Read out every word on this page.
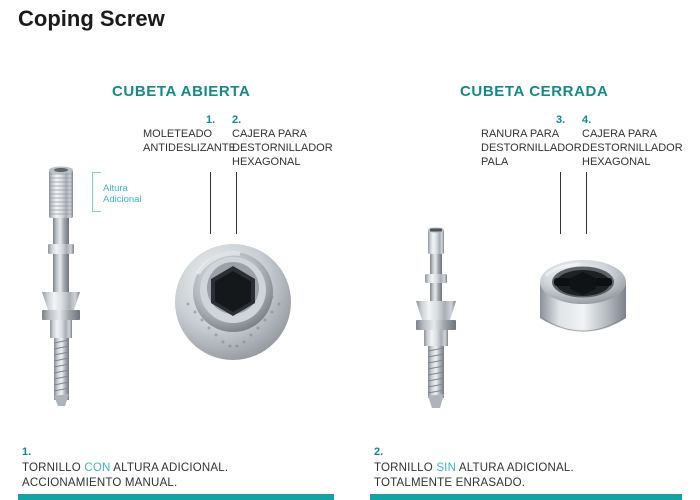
Coping Screw
CUBETA ABIERTA
1.
MOLETEADO
ANTIDESLIZANTE
2.
CAJERA PARA
DESTORNILLADOR
HEXAGONAL
Altura
Adicional
CUBETA CERRADA
3.
RANURA PARA
DESTORNILLADOR PALA
4.
CAJERA PARA
DESTORNILLADOR
HEXAGONAL
1.
TORNILLO CON ALTURA ADICIONAL.
ACCIONAMIENTO MANUAL.
2.
TORNILLO SIN ALTURA ADICIONAL.
TOTALMENTE ENRASADO.
